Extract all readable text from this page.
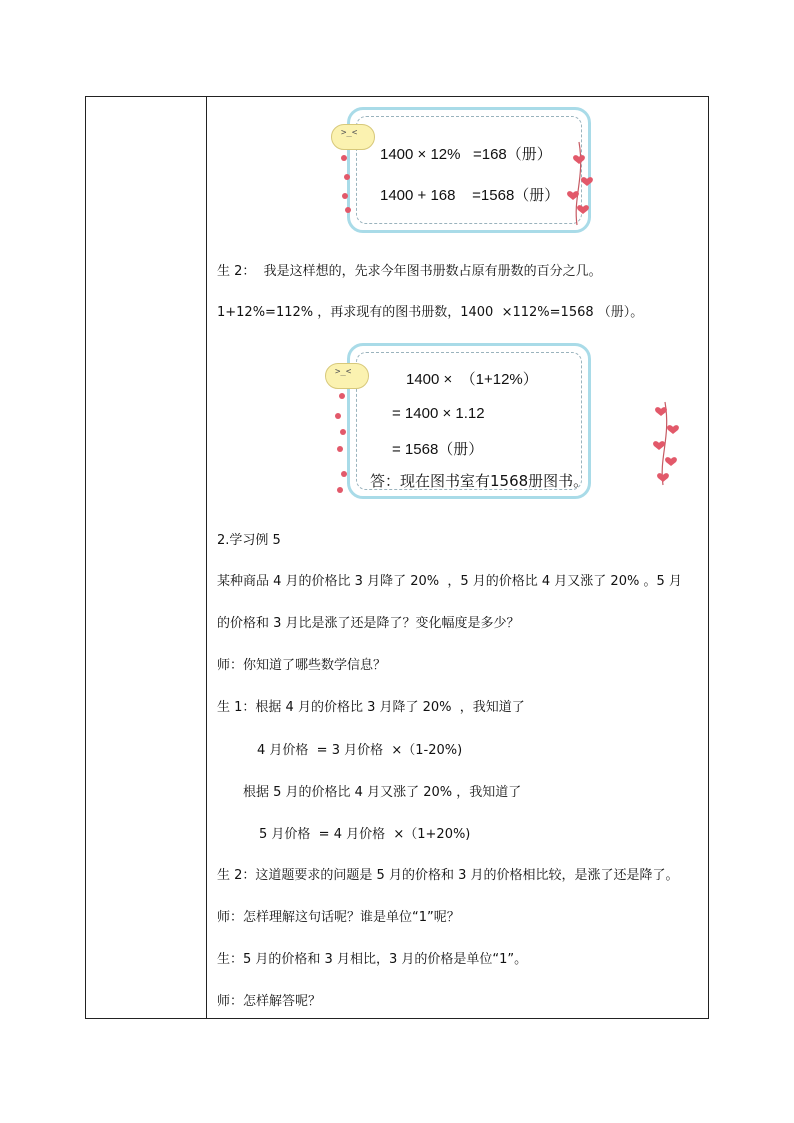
1400 × 12%   =168（册）
1400 + 168    =1568（册）
>_<
生 2：  我是这样想的，先求今年图书册数占原有册数的百分之几。
1+12%=112% ，再求现有的图书册数，1400  ×112%=1568 （册）。
1400 ×  （1+12%）
= 1400 × 1.12
= 1568（册）
答：现在图书室有1568册图书。
>_<
2.学习例 5
某种商品 4 月的价格比 3 月降了 20%  ，5 月的价格比 4 月又涨了 20% 。5 月
的价格和 3 月比是涨了还是降了？变化幅度是多少？
师：你知道了哪些数学信息？
生 1：根据 4 月的价格比 3 月降了 20%  ，我知道了
4 月价格  = 3 月价格  ×（1-20%)
根据 5 月的价格比 4 月又涨了 20% ，我知道了
5 月价格  = 4 月价格  ×（1+20%)
生 2：这道题要求的问题是 5 月的价格和 3 月的价格相比较，是涨了还是降了。
师：怎样理解这句话呢？谁是单位“1”呢？
生：5 月的价格和 3 月相比，3 月的价格是单位“1”。
师：怎样解答呢？
